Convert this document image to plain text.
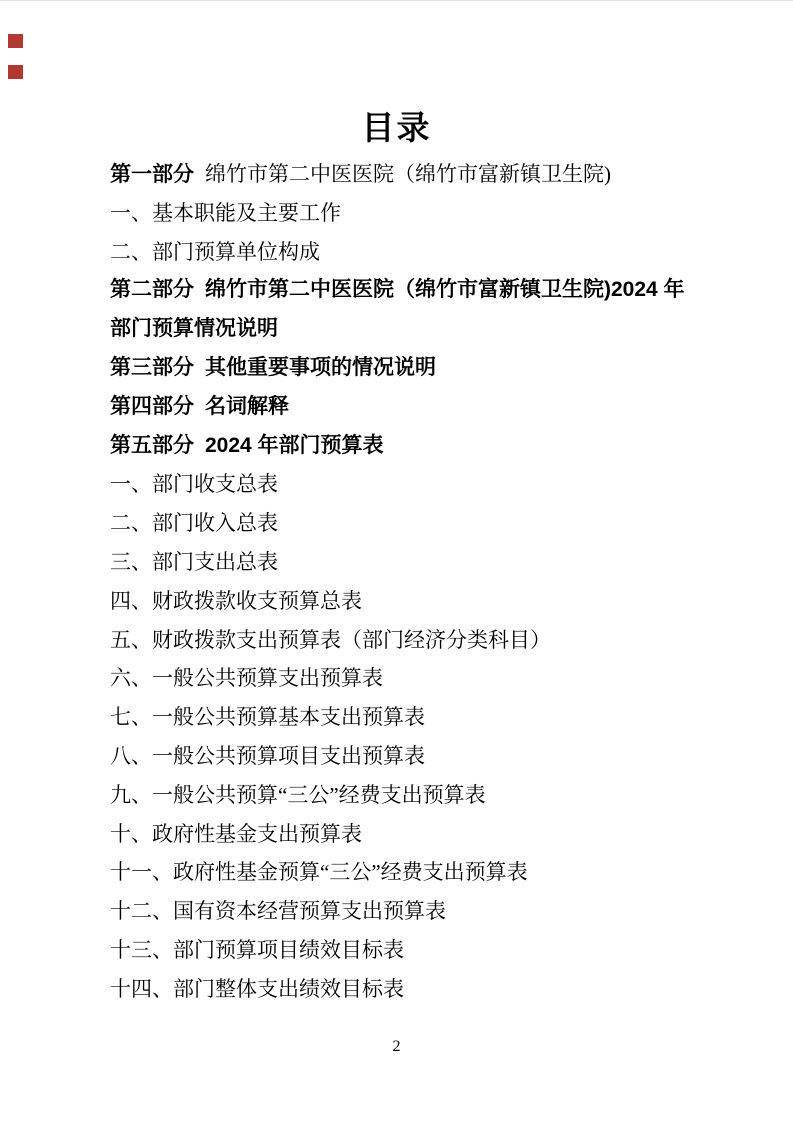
目录
第一部分 绵竹市第二中医医院（绵竹市富新镇卫生院)
一、基本职能及主要工作
二、部门预算单位构成
第二部分 绵竹市第二中医医院（绵竹市富新镇卫生院)2024 年
部门预算情况说明
第三部分 其他重要事项的情况说明
第四部分 名词解释
第五部分 2024 年部门预算表
一、部门收支总表
二、部门收入总表
三、部门支出总表
四、财政拨款收支预算总表
五、财政拨款支出预算表（部门经济分类科目）
六、一般公共预算支出预算表
七、一般公共预算基本支出预算表
八、一般公共预算项目支出预算表
九、一般公共预算“三公”经费支出预算表
十、政府性基金支出预算表
十一、政府性基金预算“三公”经费支出预算表
十二、国有资本经营预算支出预算表
十三、部门预算项目绩效目标表
十四、部门整体支出绩效目标表
2
